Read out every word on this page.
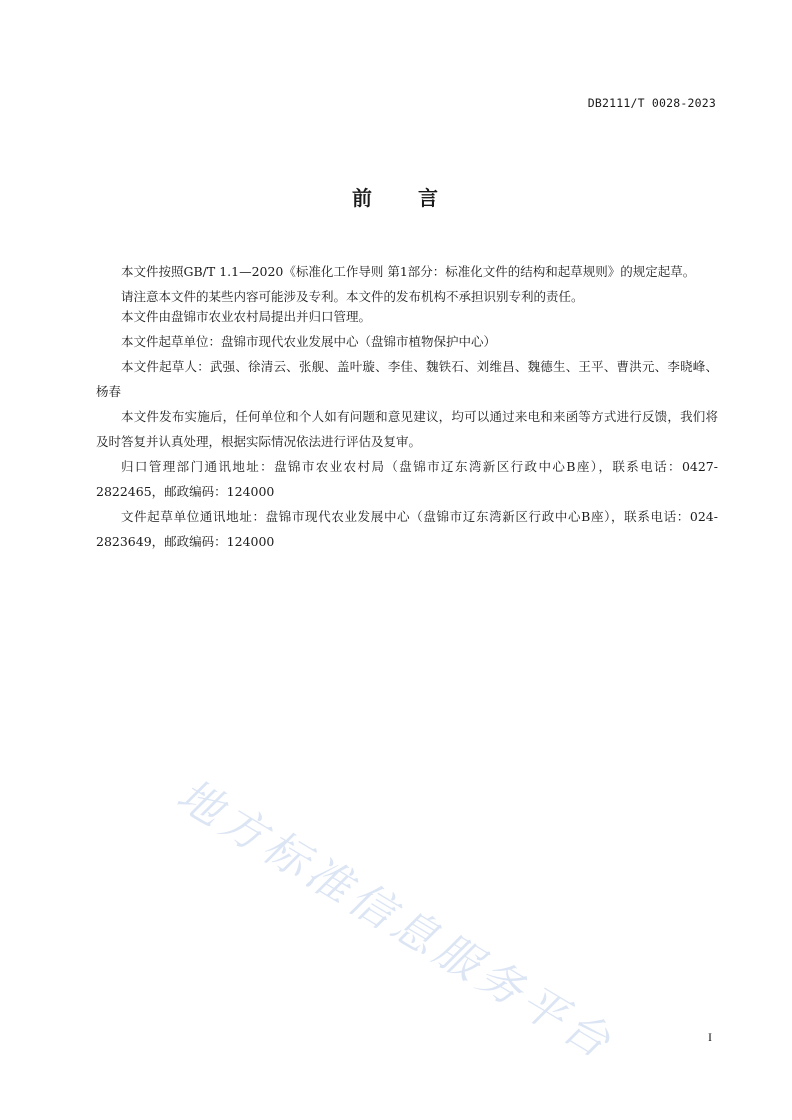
DB2111/T 0028-2023
前 言

本文件按照GB/T 1.1—2020《标准化工作导则 第1部分：标准化文件的结构和起草规则》的规定起草。

请注意本文件的某些内容可能涉及专利。本文件的发布机构不承担识别专利的责任。

本文件由盘锦市农业农村局提出并归口管理。

本文件起草单位：盘锦市现代农业发展中心（盘锦市植物保护中心）

本文件起草人：武强、徐清云、张舰、盖叶璇、李佳、魏铁石、刘维昌、魏德生、王平、曹洪元、李晓峰、杨春

本文件发布实施后，任何单位和个人如有问题和意见建议，均可以通过来电和来函等方式进行反馈，我们将及时答复并认真处理，根据实际情况依法进行评估及复审。

归口管理部门通讯地址：盘锦市农业农村局（盘锦市辽东湾新区行政中心B座），联系电话：0427-2822465，邮政编码：124000

文件起草单位通讯地址：盘锦市现代农业发展中心（盘锦市辽东湾新区行政中心B座），联系电话：024-2823649，邮政编码：124000

地方标准信息服务平台	I
